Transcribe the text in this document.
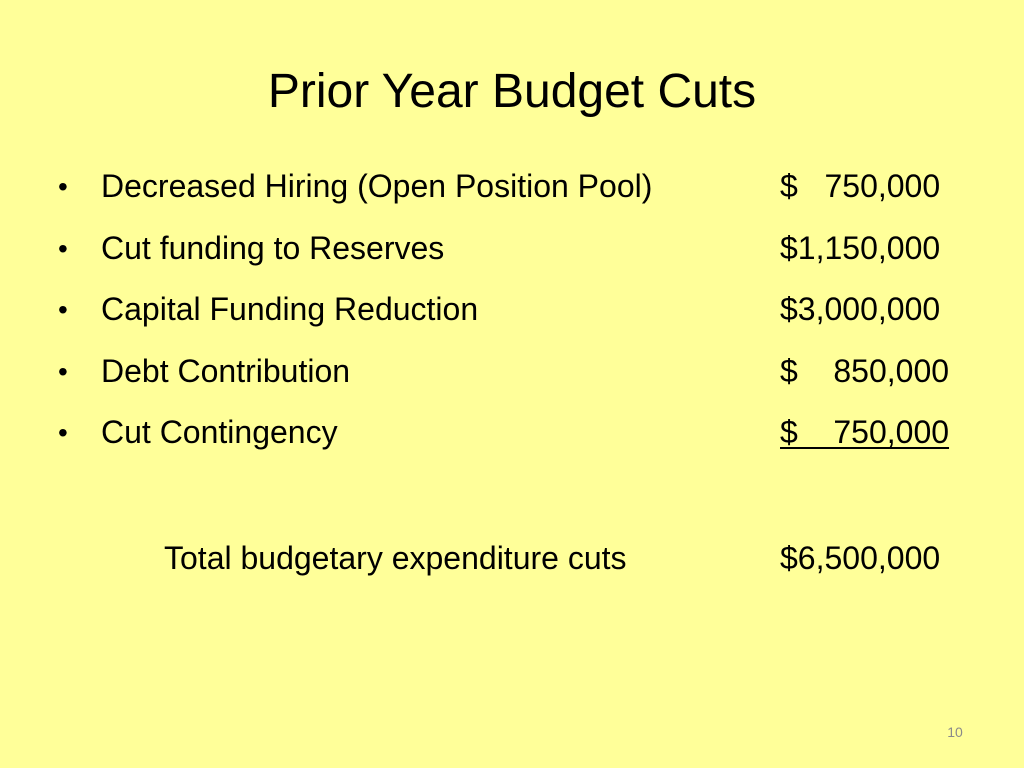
Prior Year Budget Cuts
• Decreased Hiring (Open Position Pool)	$   750,000
• Cut funding to Reserves	$1,150,000
• Capital Funding Reduction	$3,000,000
• Debt Contribution	$    850,000
• Cut Contingency	$    750,000
Total budgetary expenditure cuts	$6,500,000
10
